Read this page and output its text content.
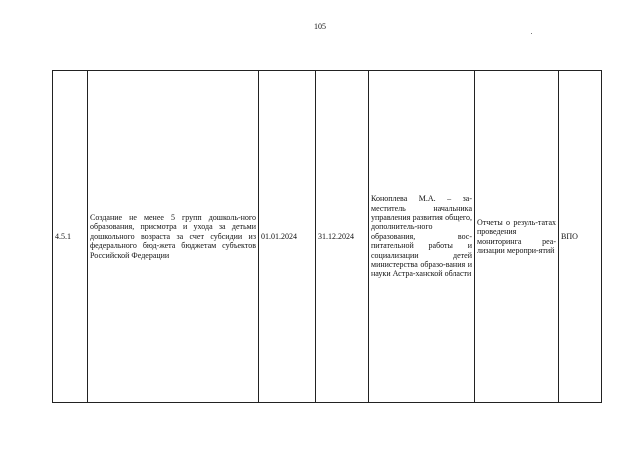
105
4.5.1	Создание не менее 5 групп дошколь-ного образования, присмотра и ухода за детьми дошкольного возраста за счет субсидии из федерального бюд-жета бюджетам субъектов Российской Федерации	01.01.2024	31.12.2024	Коноплева М.А. – за-меститель начальника управления развития общего, дополнитель-ного образования, вос-питательной работы и социализации детей министерства образо-вания и науки Астра-ханской области	Отчеты о резуль-татах проведения мониторинга реа-лизации меропри-ятий	ВПО
